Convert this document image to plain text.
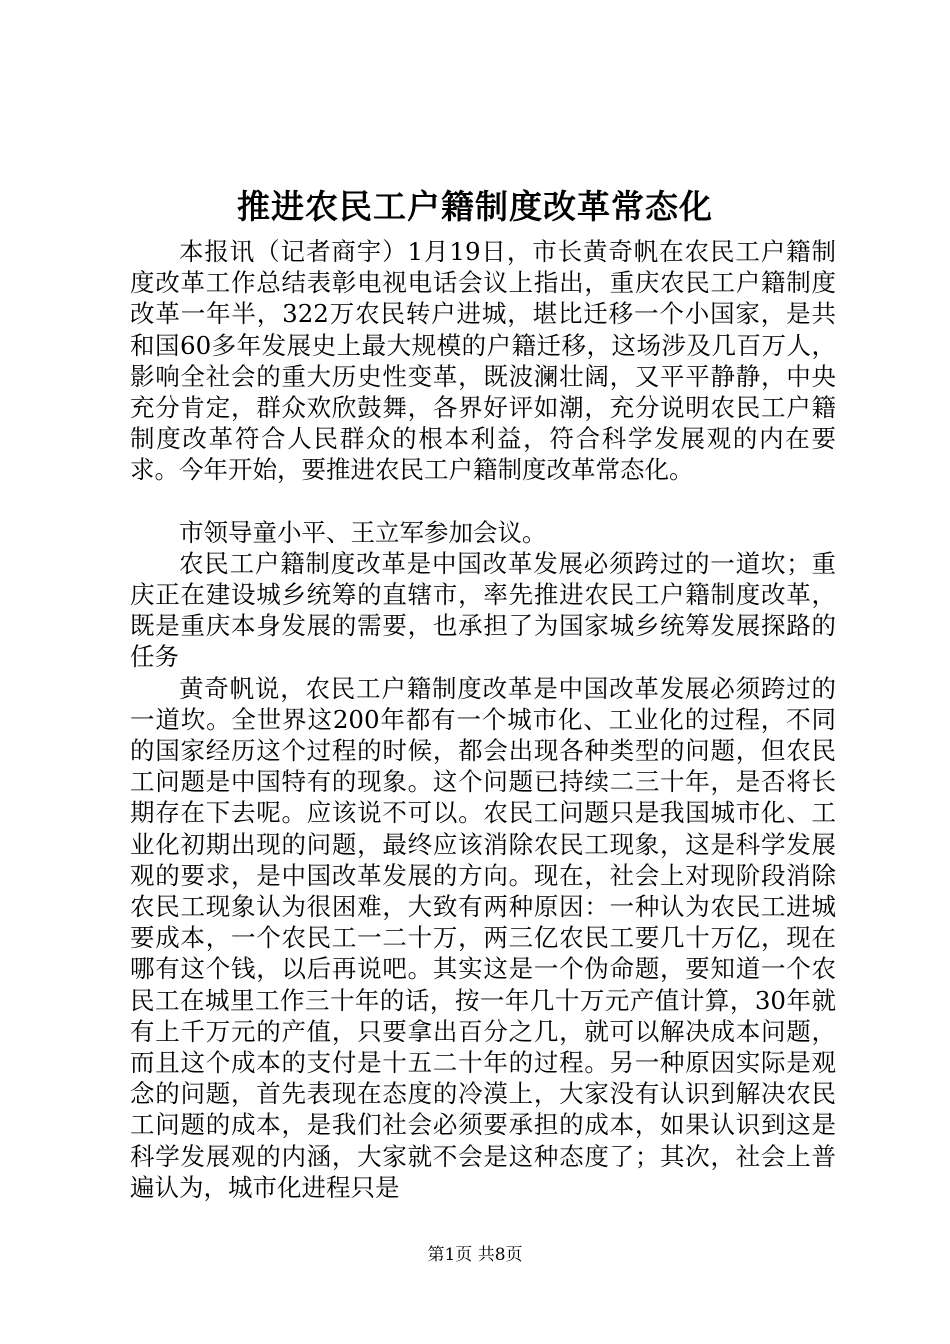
推进农民工户籍制度改革常态化

本报讯（记者商宇）1月19日，市长黄奇帆在农民工户籍制度改革工作总结表彰电视电话会议上指出，重庆农民工户籍制度改革一年半，322万农民转户进城，堪比迁移一个小国家，是共和国60多年发展史上最大规模的户籍迁移，这场涉及几百万人，影响全社会的重大历史性变革，既波澜壮阔，又平平静静，中央充分肯定，群众欢欣鼓舞，各界好评如潮，充分说明农民工户籍制度改革符合人民群众的根本利益，符合科学发展观的内在要求。今年开始，要推进农民工户籍制度改革常态化。

市领导童小平、王立军参加会议。

农民工户籍制度改革是中国改革发展必须跨过的一道坎；重庆正在建设城乡统筹的直辖市，率先推进农民工户籍制度改革，既是重庆本身发展的需要，也承担了为国家城乡统筹发展探路的任务

黄奇帆说，农民工户籍制度改革是中国改革发展必须跨过的一道坎。全世界这200年都有一个城市化、工业化的过程，不同的国家经历这个过程的时候，都会出现各种类型的问题，但农民工问题是中国特有的现象。这个问题已持续二三十年，是否将长期存在下去呢。应该说不可以。农民工问题只是我国城市化、工业化初期出现的问题，最终应该消除农民工现象，这是科学发展观的要求，是中国改革发展的方向。现在，社会上对现阶段消除农民工现象认为很困难，大致有两种原因：一种认为农民工进城要成本，一个农民工一二十万，两三亿农民工要几十万亿，现在哪有这个钱，以后再说吧。其实这是一个伪命题，要知道一个农民工在城里工作三十年的话，按一年几十万元产值计算，30年就有上千万元的产值，只要拿出百分之几，就可以解决成本问题，而且这个成本的支付是十五二十年的过程。另一种原因实际是观念的问题，首先表现在态度的冷漠上，大家没有认识到解决农民工问题的成本，是我们社会必须要承担的成本，如果认识到这是科学发展观的内涵，大家就不会是这种态度了；其次，社会上普遍认为，城市化进程只是

第1页 共8页
